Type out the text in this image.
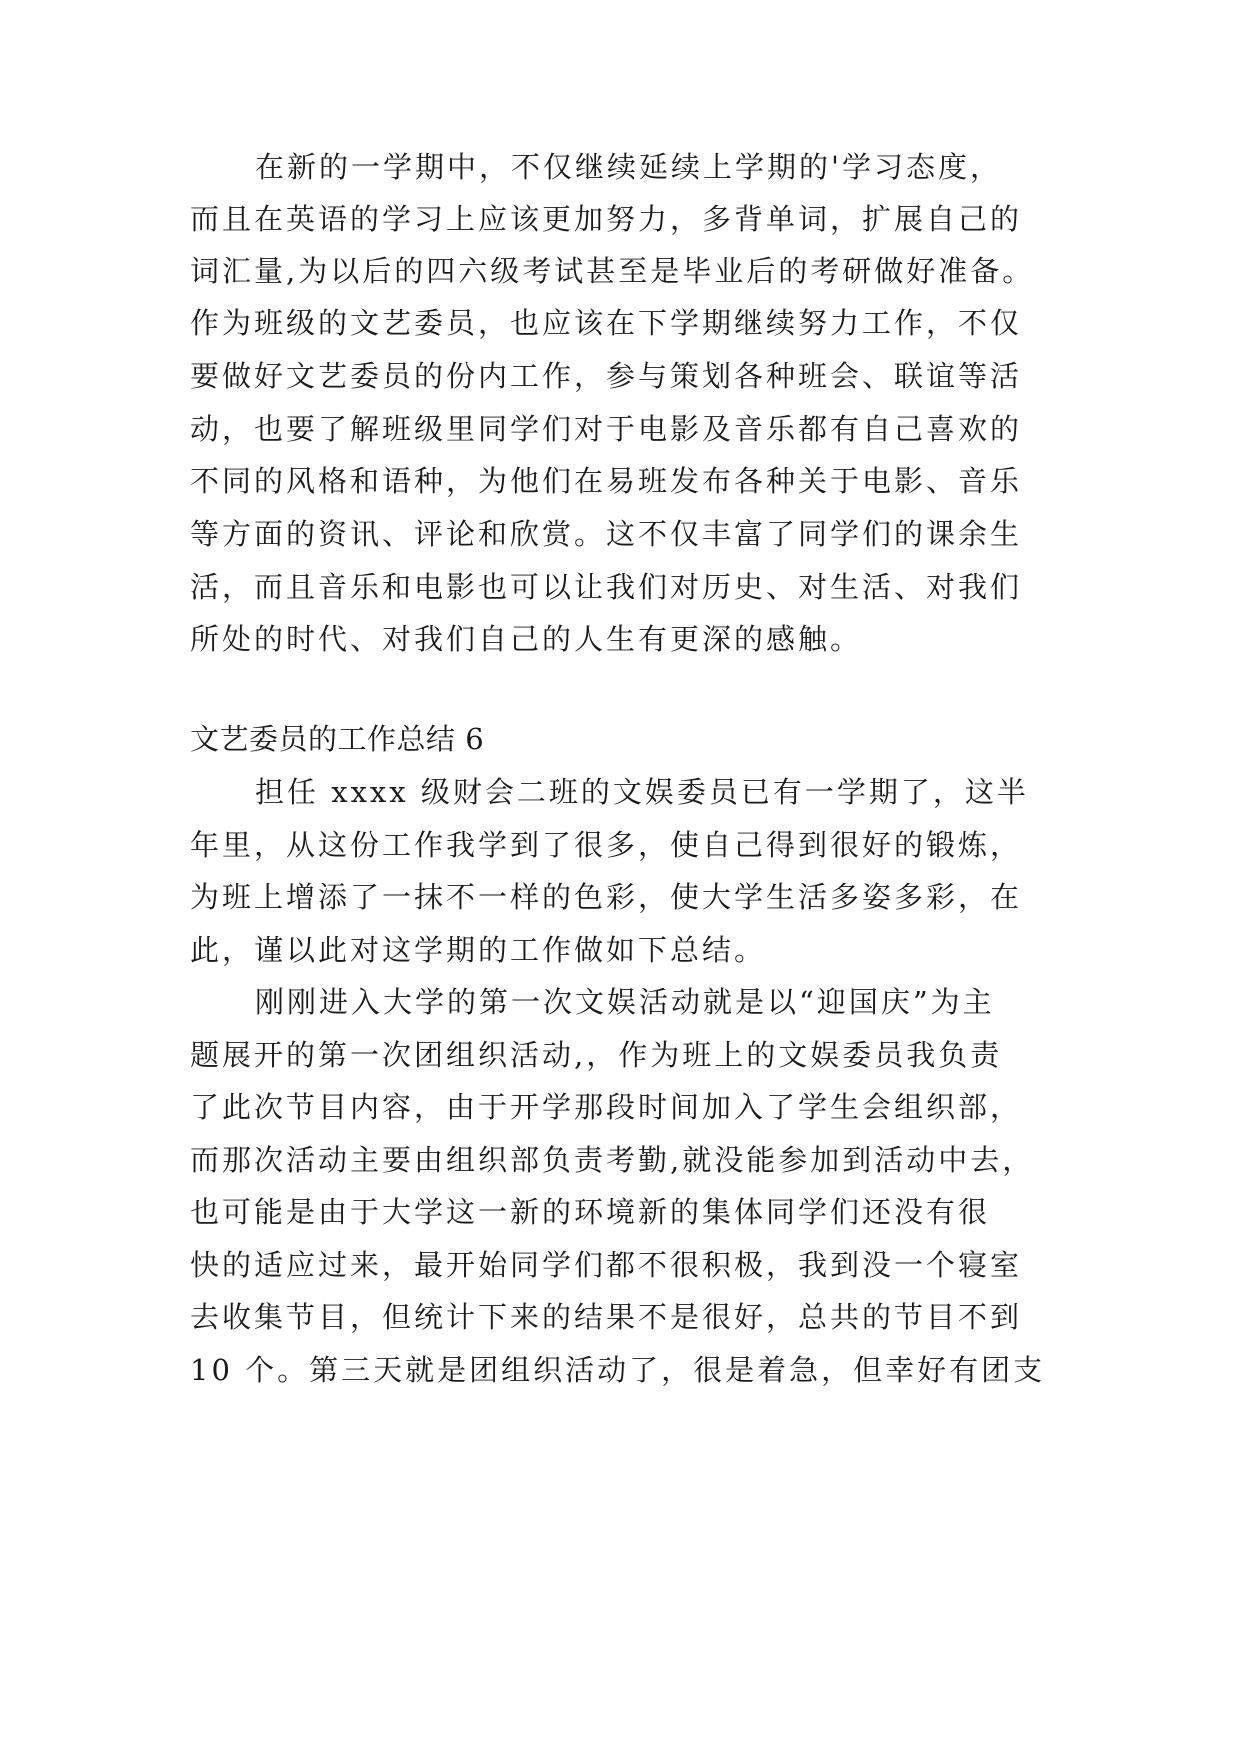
在新的一学期中，不仅继续延续上学期的'学习态度，
而且在英语的学习上应该更加努力，多背单词，扩展自己的
词汇量,为以后的四六级考试甚至是毕业后的考研做好准备。
作为班级的文艺委员，也应该在下学期继续努力工作，不仅
要做好文艺委员的份内工作，参与策划各种班会、联谊等活
动，也要了解班级里同学们对于电影及音乐都有自己喜欢的
不同的风格和语种，为他们在易班发布各种关于电影、音乐
等方面的资讯、评论和欣赏。这不仅丰富了同学们的课余生
活，而且音乐和电影也可以让我们对历史、对生活、对我们
所处的时代、对我们自己的人生有更深的感触。
文艺委员的工作总结 6
担任 xxxx 级财会二班的文娱委员已有一学期了，这半
年里，从这份工作我学到了很多，使自己得到很好的锻炼，
为班上增添了一抹不一样的色彩，使大学生活多姿多彩，在
此，谨以此对这学期的工作做如下总结。
刚刚进入大学的第一次文娱活动就是以“迎国庆”为主
题展开的第一次团组织活动,，作为班上的文娱委员我负责
了此次节目内容，由于开学那段时间加入了学生会组织部，
而那次活动主要由组织部负责考勤,就没能参加到活动中去，
也可能是由于大学这一新的环境新的集体同学们还没有很
快的适应过来，最开始同学们都不很积极，我到没一个寝室
去收集节目，但统计下来的结果不是很好，总共的节目不到
10 个。第三天就是团组织活动了，很是着急，但幸好有团支
